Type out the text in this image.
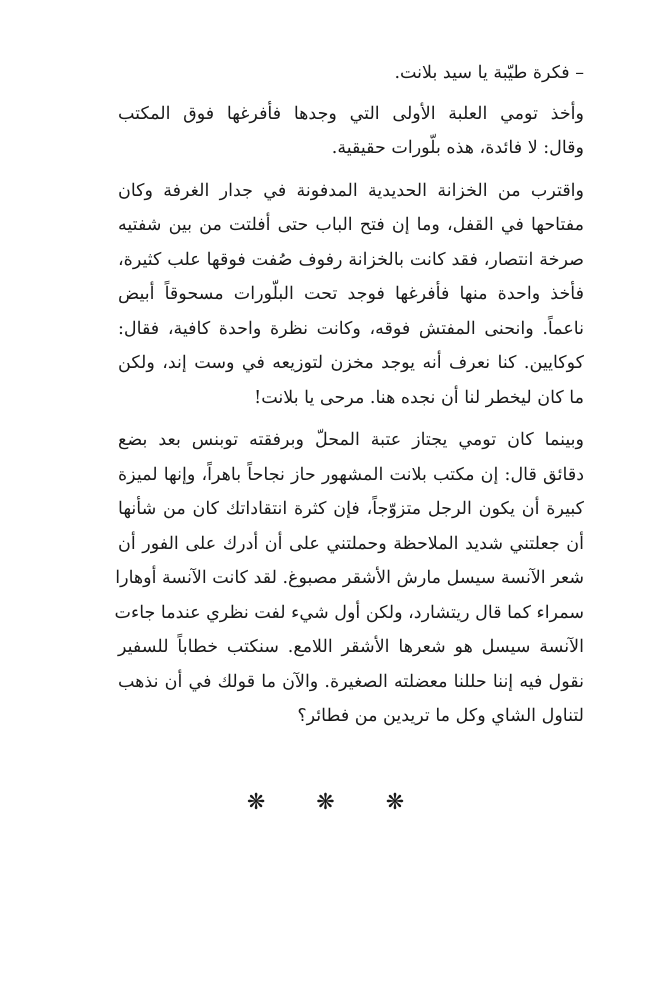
– فكرة طيّبة يا سيد بلانت.

وأخذ تومي العلبة الأولى التي وجدها فأفرغها فوق المكتب
وقال: لا فائدة، هذه بلّورات حقيقية.

واقترب من الخزانة الحديدية المدفونة في جدار الغرفة وكان
مفتاحها في القفل، وما إن فتح الباب حتى أفلتت من بين شفتيه
صرخة انتصار، فقد كانت بالخزانة رفوف صُفت فوقها علب كثيرة،
فأخذ واحدة منها فأفرغها فوجد تحت البلّورات مسحوقاً أبيض
ناعماً. وانحنى المفتش فوقه، وكانت نظرة واحدة كافية، فقال:
كوكايين. كنا نعرف أنه يوجد مخزن لتوزيعه في وست إند، ولكن
ما كان ليخطر لنا أن نجده هنا. مرحى يا بلانت!

وبينما كان تومي يجتاز عتبة المحلّ وبرفقته توبنس بعد بضع
دقائق قال: إن مكتب بلانت المشهور حاز نجاحاً باهراً، وإنها لميزة
كبيرة أن يكون الرجل متزوّجاً، فإن كثرة انتقاداتك كان من شأنها
أن جعلتني شديد الملاحظة وحملتني على أن أدرك على الفور أن
شعر الآنسة سيسل مارش الأشقر مصبوغ. لقد كانت الآنسة أوهارا
سمراء كما قال ريتشارد، ولكن أول شيء لفت نظري عندما جاءت
الآنسة سيسل هو شعرها الأشقر اللامع. سنكتب خطاباً للسفير
نقول فيه إننا حللنا معضلته الصغيرة. والآن ما قولك في أن نذهب
لتناول الشاي وكل ما تريدين من فطائر؟

❋ ❋ ❋
